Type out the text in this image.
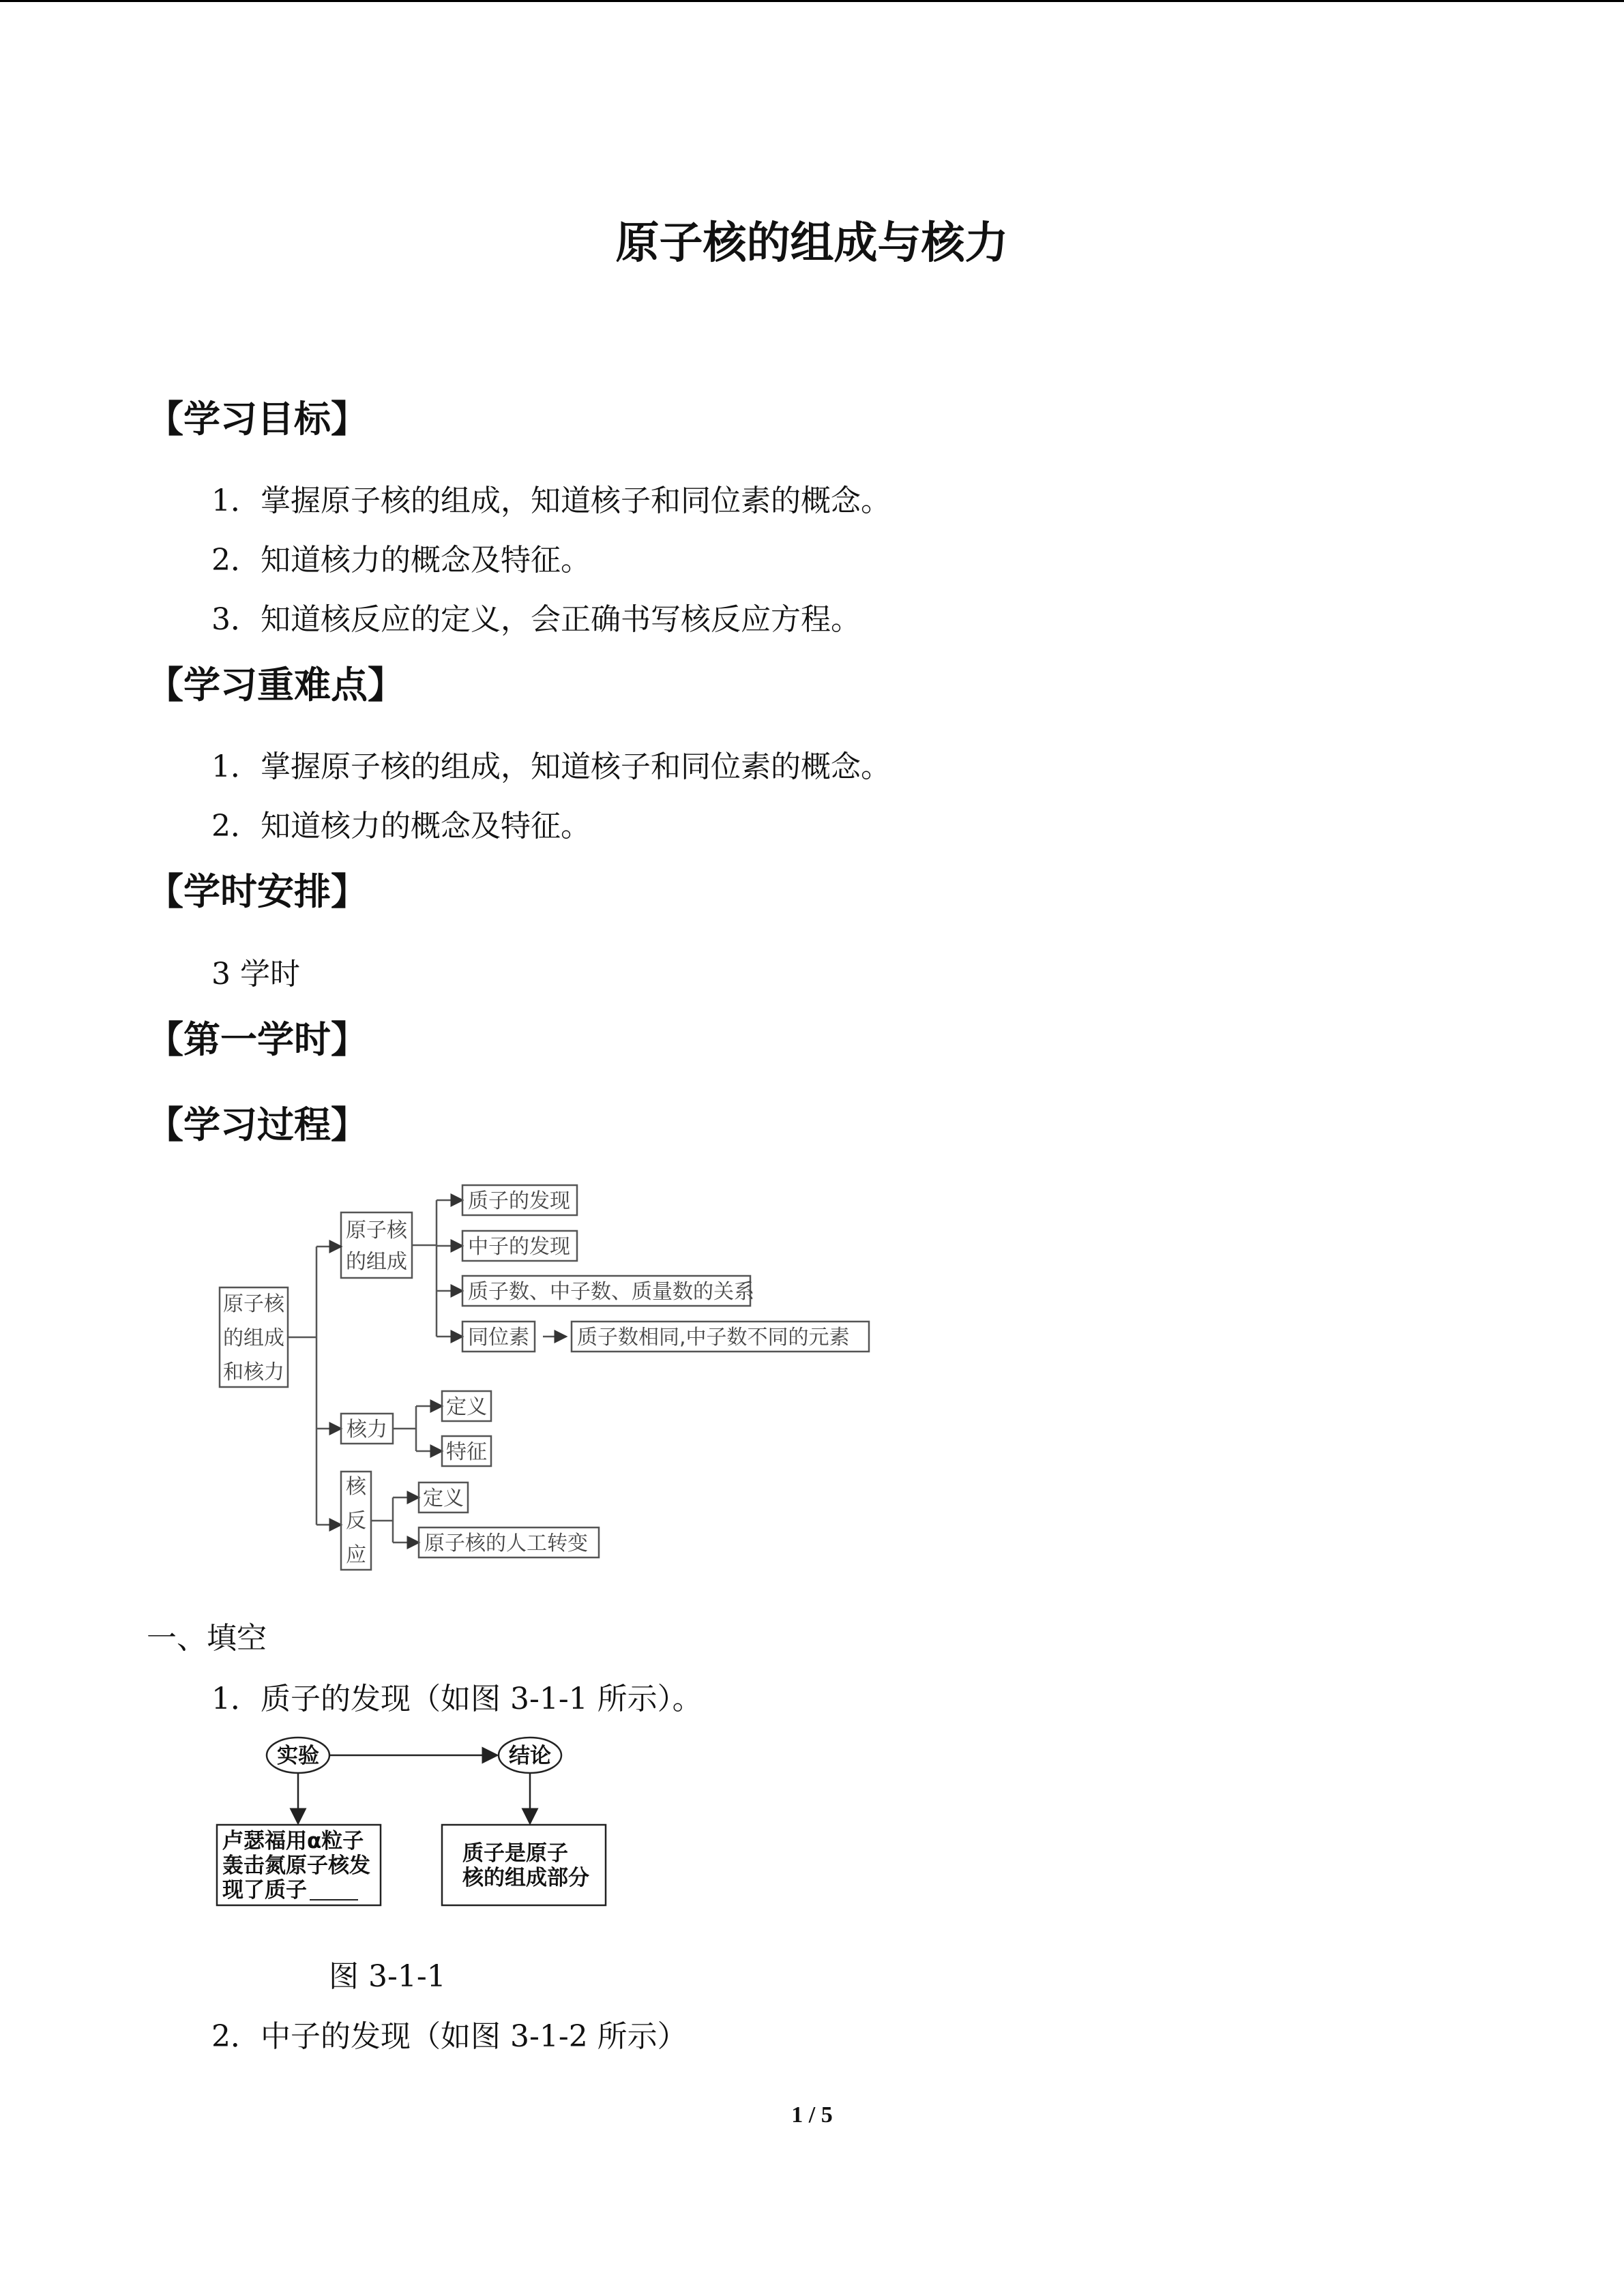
原子核的组成与核力
【学习目标】
1．掌握原子核的组成，知道核子和同位素的概念。
2．知道核力的概念及特征。
3．知道核反应的定义，会正确书写核反应方程。
【学习重难点】
1．掌握原子核的组成，知道核子和同位素的概念。
2．知道核力的概念及特征。
【学时安排】
3 学时
【第一学时】
【学习过程】
原子核
的组成
和核力
原子核
的组成
质子的发现
中子的发现
质子数、中子数、质量数的关系
同位素 质子数相同,中子数不同的元素
核力
定义
特征
核
反
应
定义
原子核的人工转变
一、填空
1．质子的发现（如图 3-1-1 所示）。
实验	结论
卢瑟福用α粒子
轰击氮原子核发
现了质子
质子是原子
核的组成部分
图 3-1-1
2．中子的发现（如图 3-1-2 所示）
1 / 5
